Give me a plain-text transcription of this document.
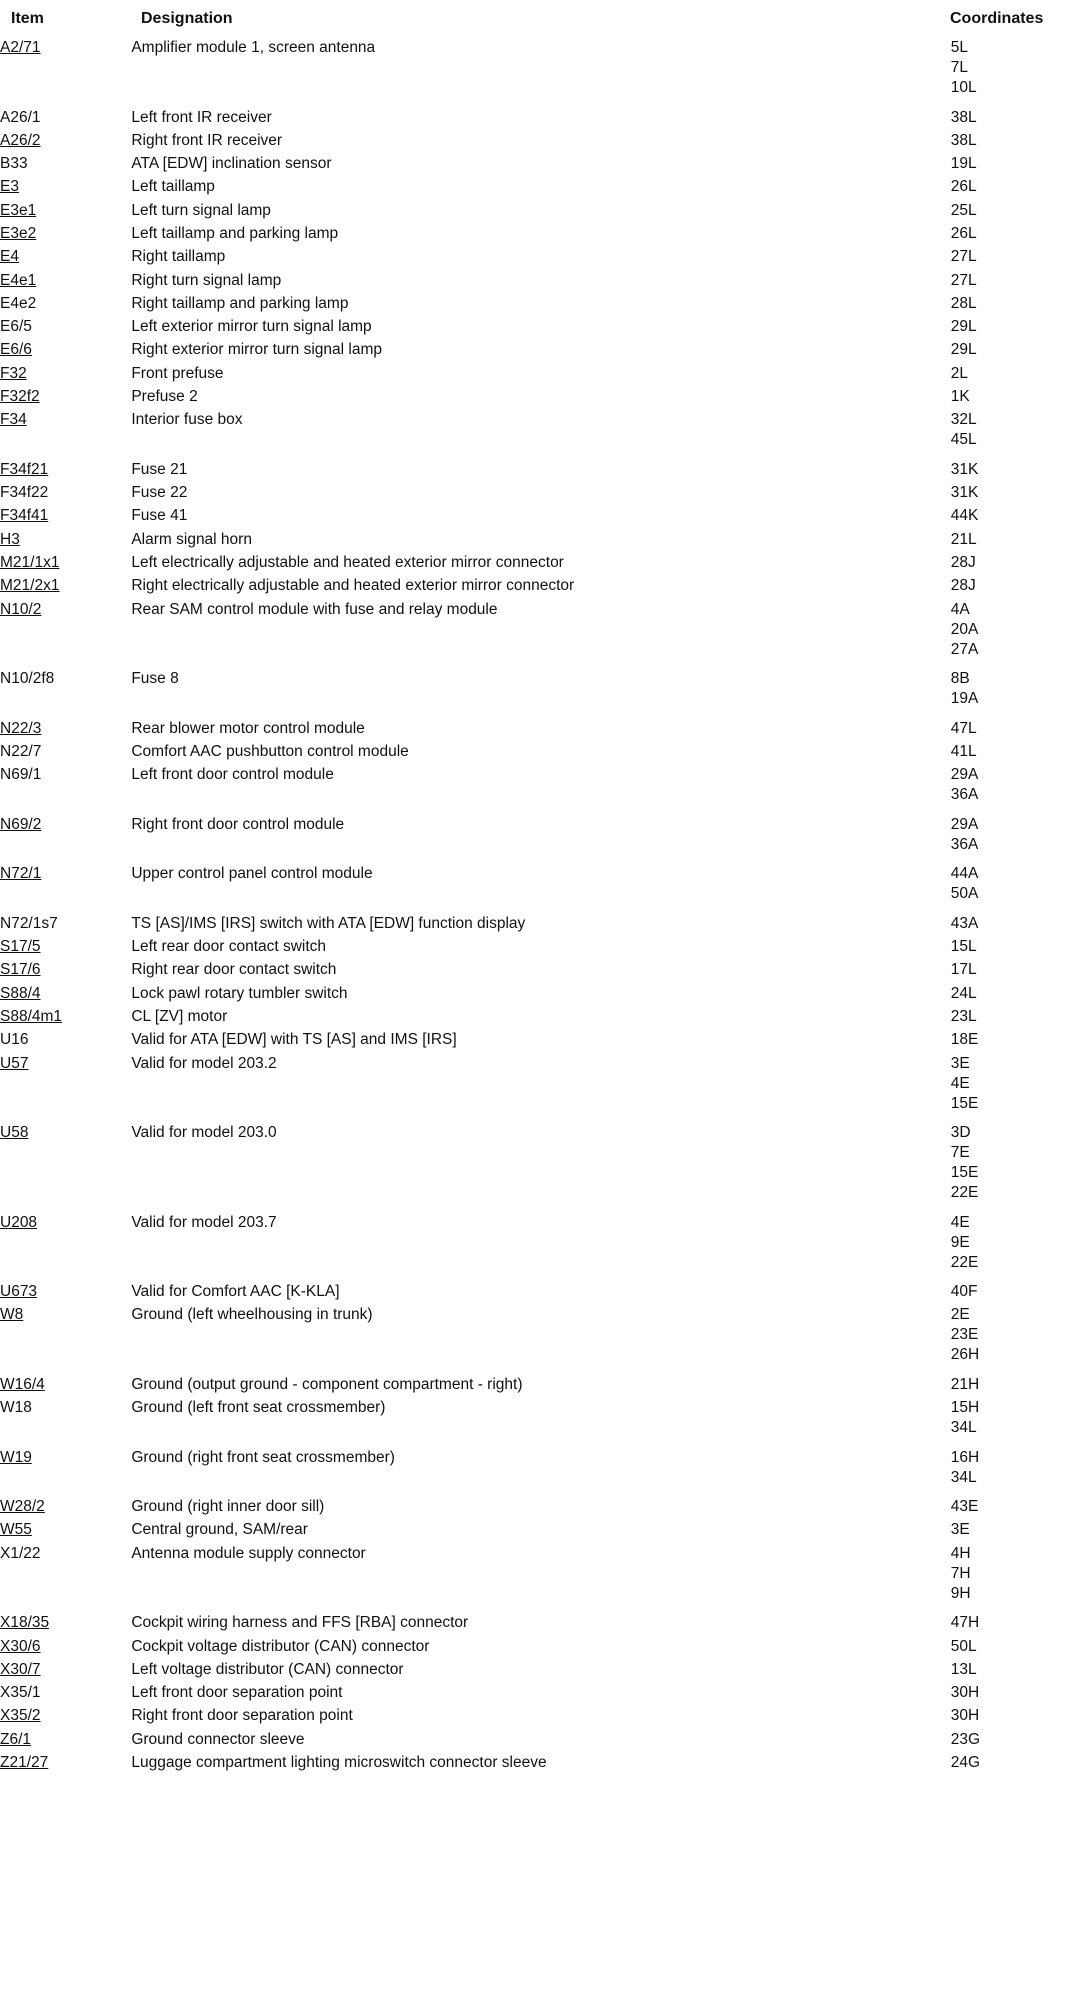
Item	Designation	Coordinates
A2/71	Amplifier module 1, screen antenna	5L
7L
10L

A26/1	Left front IR receiver	38L

A26/2	Right front IR receiver	38L

B33	ATA [EDW] inclination sensor	19L

E3	Left taillamp	26L

E3e1	Left turn signal lamp	25L

E3e2	Left taillamp and parking lamp	26L

E4	Right taillamp	27L

E4e1	Right turn signal lamp	27L

E4e2	Right taillamp and parking lamp	28L

E6/5	Left exterior mirror turn signal lamp	29L

E6/6	Right exterior mirror turn signal lamp	29L

F32	Front prefuse	2L

F32f2	Prefuse 2	1K

F34	Interior fuse box	32L
45L

F34f21	Fuse 21	31K

F34f22	Fuse 22	31K

F34f41	Fuse 41	44K

H3	Alarm signal horn	21L

M21/1x1	Left electrically adjustable and heated exterior mirror connector	28J

M21/2x1	Right electrically adjustable and heated exterior mirror connector	28J

N10/2	Rear SAM control module with fuse and relay module	4A
20A
27A

N10/2f8	Fuse 8	8B
19A

N22/3	Rear blower motor control module	47L

N22/7	Comfort AAC pushbutton control module	41L

N69/1	Left front door control module	29A
36A

N69/2	Right front door control module	29A
36A

N72/1	Upper control panel control module	44A
50A

N72/1s7	TS [AS]/IMS [IRS] switch with ATA [EDW] function display	43A

S17/5	Left rear door contact switch	15L

S17/6	Right rear door contact switch	17L

S88/4	Lock pawl rotary tumbler switch	24L

S88/4m1	CL [ZV] motor	23L

U16	Valid for ATA [EDW] with TS [AS] and IMS [IRS]	18E

U57	Valid for model 203.2	3E
4E
15E

U58	Valid for model 203.0	3D
7E
15E
22E

U208	Valid for model 203.7	4E
9E
22E

U673	Valid for Comfort AAC [K-KLA]	40F

W8	Ground (left wheelhousing in trunk)	2E
23E
26H

W16/4	Ground (output ground - component compartment - right)	21H

W18	Ground (left front seat crossmember)	15H
34L

W19	Ground (right front seat crossmember)	16H
34L

W28/2	Ground (right inner door sill)	43E

W55	Central ground, SAM/rear	3E

X1/22	Antenna module supply connector	4H
7H
9H

X18/35	Cockpit wiring harness and FFS [RBA] connector	47H

X30/6	Cockpit voltage distributor (CAN) connector	50L

X30/7	Left voltage distributor (CAN) connector	13L

X35/1	Left front door separation point	30H

X35/2	Right front door separation point	30H

Z6/1	Ground connector sleeve	23G

Z21/27	Luggage compartment lighting microswitch connector sleeve	24G
